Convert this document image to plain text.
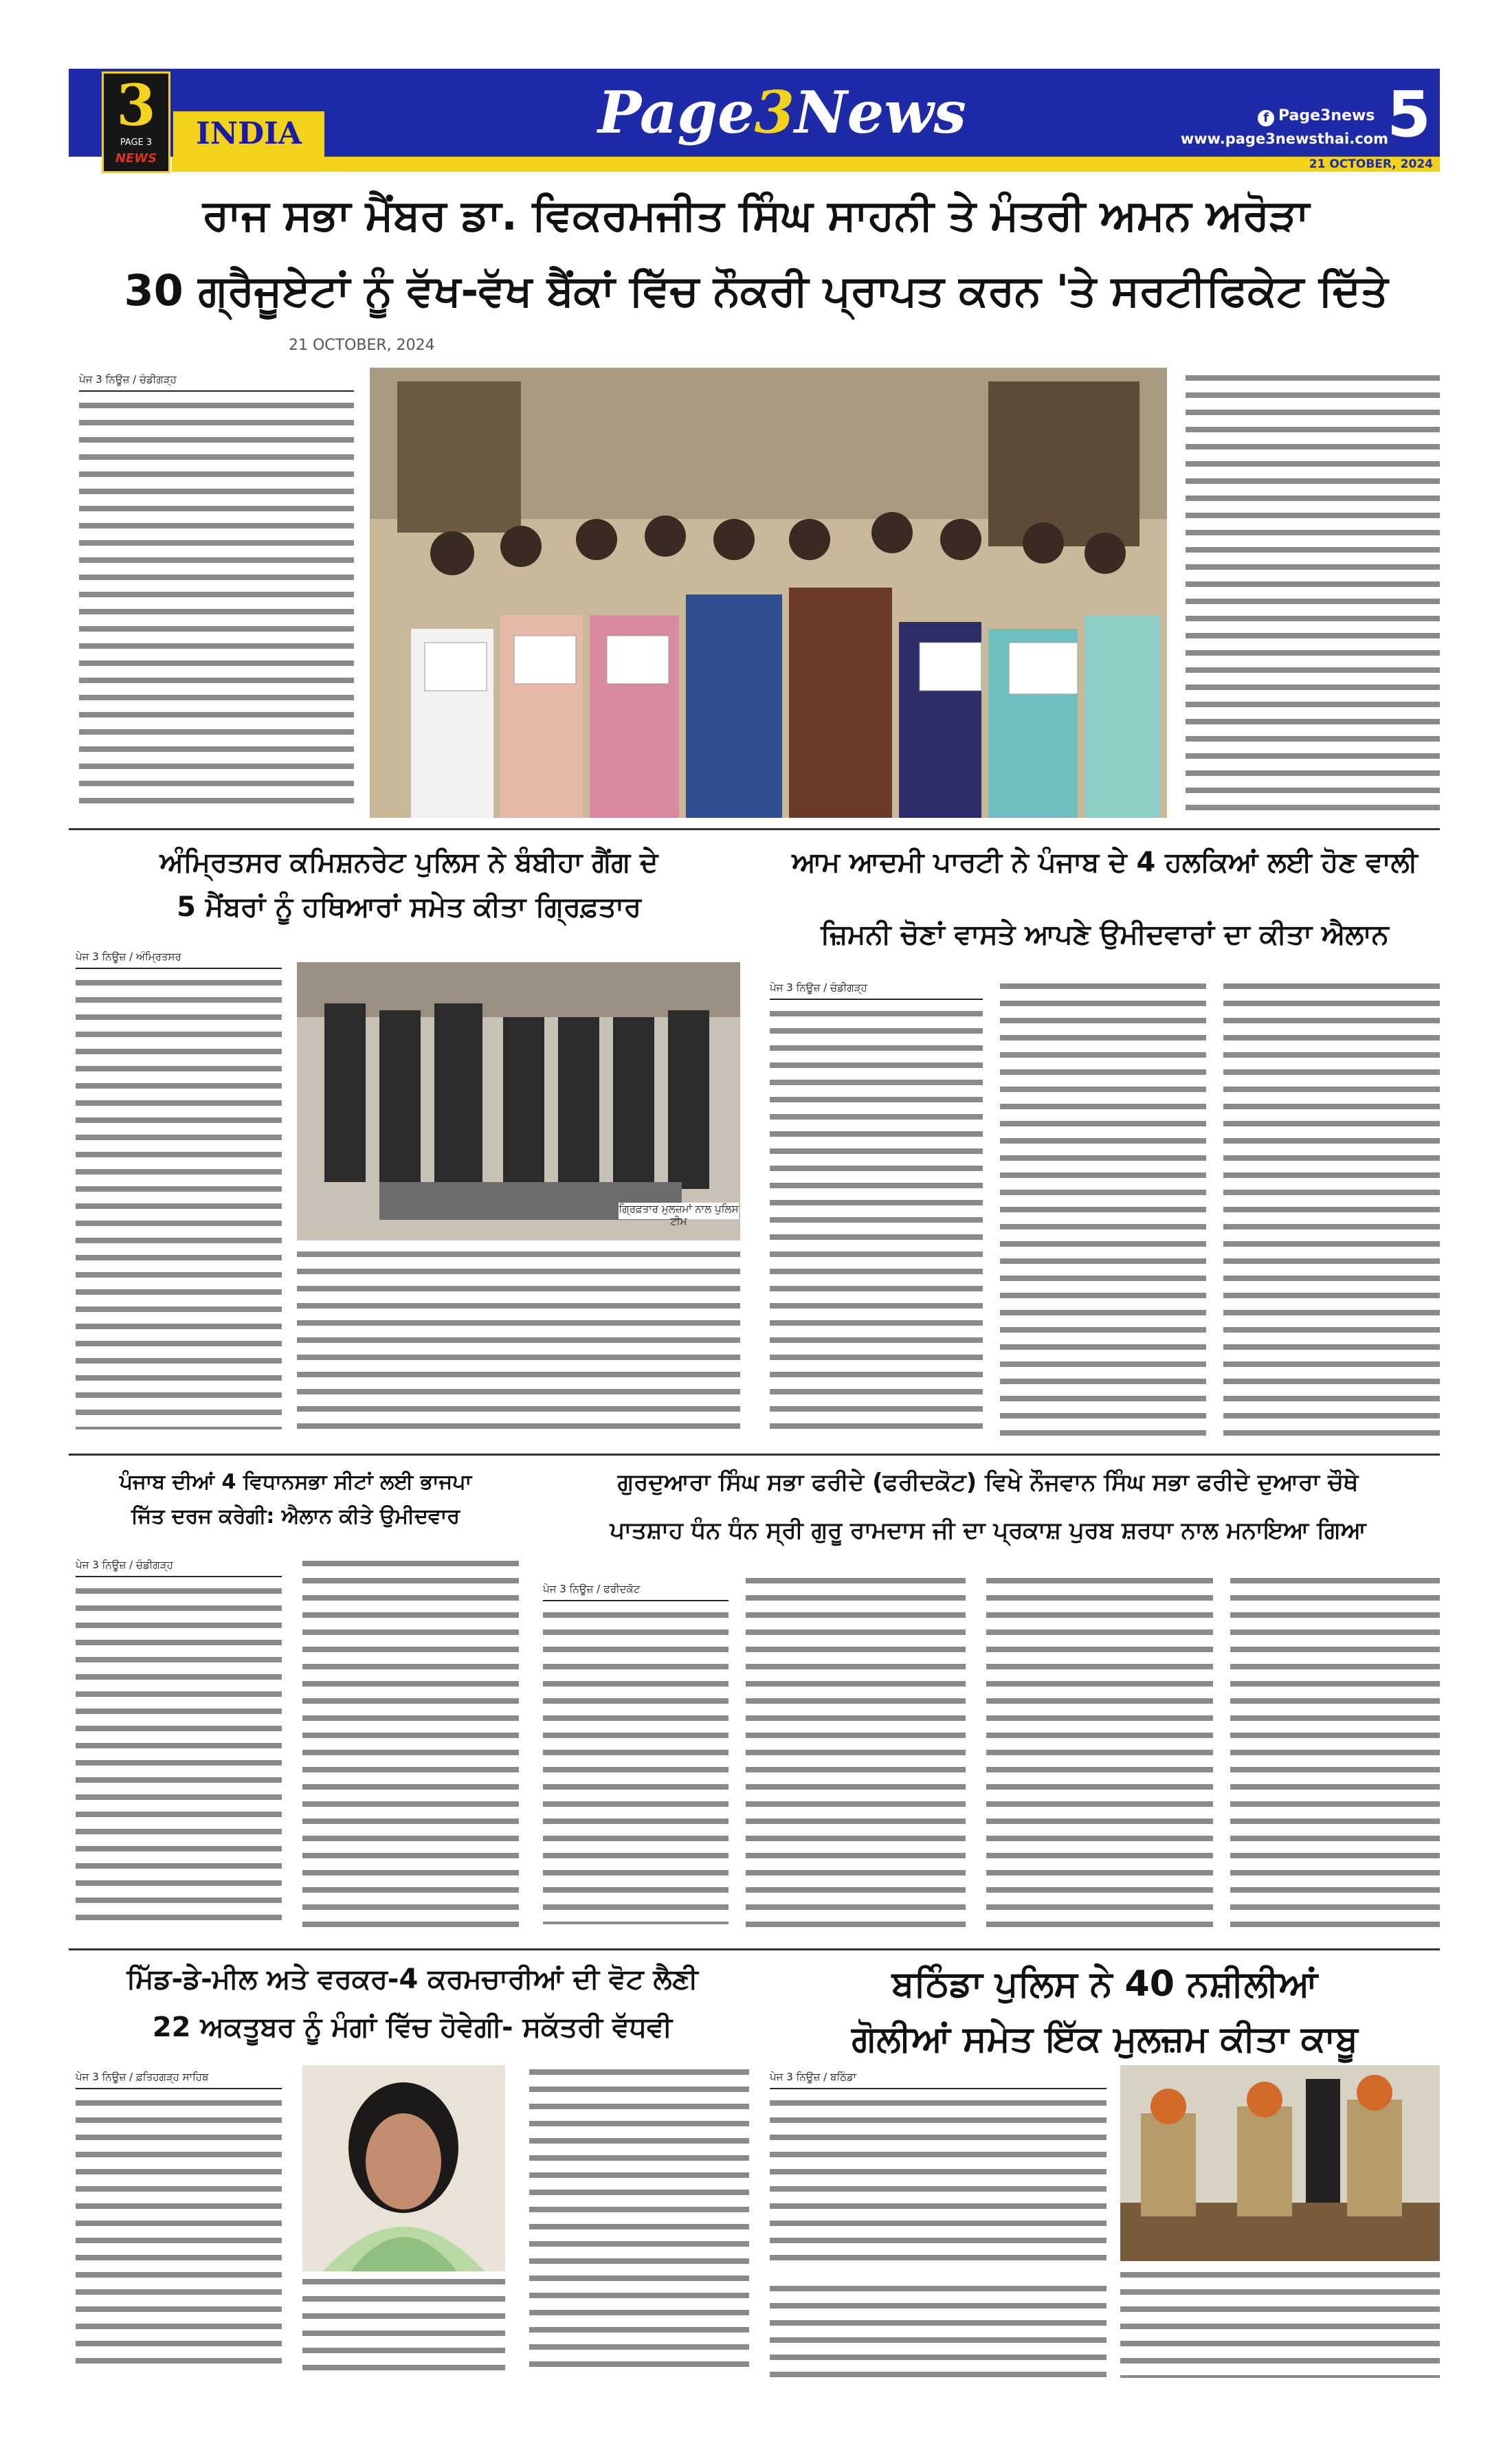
3
PAGE 3
NEWS
INDIA	Page3News	f Page3news
www.page3newsthai.com
5
21 OCTOBER, 2024
ਰਾਜ ਸਭਾ ਮੈਂਬਰ ਡਾ. ਵਿਕਰਮਜੀਤ ਸਿੰਘ ਸਾਹਨੀ ਤੇ ਮੰਤਰੀ ਅਮਨ ਅਰੋੜਾ
30 ਗ੍ਰੈਜੂਏਟਾਂ ਨੂੰ ਵੱਖ-ਵੱਖ ਬੈਂਕਾਂ ਵਿੱਚ ਨੌਕਰੀ ਪ੍ਰਾਪਤ ਕਰਨ 'ਤੇ ਸਰਟੀਫਿਕੇਟ ਦਿੱਤੇ
21 OCTOBER, 2024
ਪੇਜ 3 ਨਿਊਜ਼ / ਚੰਡੀਗੜ੍ਹ
ਅੰਮ੍ਰਿਤਸਰ ਕਮਿਸ਼ਨਰੇਟ ਪੁਲਿਸ ਨੇ ਬੰਬੀਹਾ ਗੈਂਗ ਦੇ
5 ਮੈਂਬਰਾਂ ਨੂੰ ਹਥਿਆਰਾਂ ਸਮੇਤ ਕੀਤਾ ਗ੍ਰਿਫ਼ਤਾਰ
ਪੇਜ 3 ਨਿਊਜ਼ / ਅੰਮ੍ਰਿਤਸਰ
ਗ੍ਰਿਫ਼ਤਾਰ ਮੁਲਜ਼ਮਾਂ ਨਾਲ ਪੁਲਿਸ ਟੀਮ
ਆਮ ਆਦਮੀ ਪਾਰਟੀ ਨੇ ਪੰਜਾਬ ਦੇ 4 ਹਲਕਿਆਂ ਲਈ ਹੋਣ ਵਾਲੀ
ਜ਼ਿਮਨੀ ਚੋਣਾਂ ਵਾਸਤੇ ਆਪਣੇ ਉਮੀਦਵਾਰਾਂ ਦਾ ਕੀਤਾ ਐਲਾਨ
ਪੇਜ 3 ਨਿਊਜ਼ / ਚੰਡੀਗੜ੍ਹ
ਪੰਜਾਬ ਦੀਆਂ 4 ਵਿਧਾਨਸਭਾ ਸੀਟਾਂ ਲਈ ਭਾਜਪਾ
ਜਿੱਤ ਦਰਜ ਕਰੇਗੀ: ਐਲਾਨ ਕੀਤੇ ਉਮੀਦਵਾਰ
ਪੇਜ 3 ਨਿਊਜ਼ / ਚੰਡੀਗੜ੍ਹ
ਗੁਰਦੁਆਰਾ ਸਿੰਘ ਸਭਾ ਫਰੀਦੇ (ਫਰੀਦਕੋਟ) ਵਿਖੇ ਨੌਜਵਾਨ ਸਿੰਘ ਸਭਾ ਫਰੀਦੇ ਦੁਆਰਾ ਚੌਥੇ
ਪਾਤਸ਼ਾਹ ਧੰਨ ਧੰਨ ਸ੍ਰੀ ਗੁਰੂ ਰਾਮਦਾਸ ਜੀ ਦਾ ਪ੍ਰਕਾਸ਼ ਪੁਰਬ ਸ਼ਰਧਾ ਨਾਲ ਮਨਾਇਆ ਗਿਆ
ਪੇਜ 3 ਨਿਊਜ਼ / ਫਰੀਦਕੋਟ
ਮਿੱਡ-ਡੇ-ਮੀਲ ਅਤੇ ਵਰਕਰ-4 ਕਰਮਚਾਰੀਆਂ ਦੀ ਵੋਟ ਲੈਣੀ
22 ਅਕਤੂਬਰ ਨੂੰ ਮੰਗਾਂ ਵਿੱਚ ਹੋਵੇਗੀ- ਸਕੱਤਰੀ ਵੱਧਵੀ
ਪੇਜ 3 ਨਿਊਜ਼ / ਫ਼ਤਿਹਗੜ੍ਹ ਸਾਹਿਬ
ਬਠਿੰਡਾ ਪੁਲਿਸ ਨੇ 40 ਨਸ਼ੀਲੀਆਂ
ਗੋਲੀਆਂ ਸਮੇਤ ਇੱਕ ਮੁਲਜ਼ਮ ਕੀਤਾ ਕਾਬੂ
ਪੇਜ 3 ਨਿਊਜ਼ / ਬਠਿੰਡਾ
